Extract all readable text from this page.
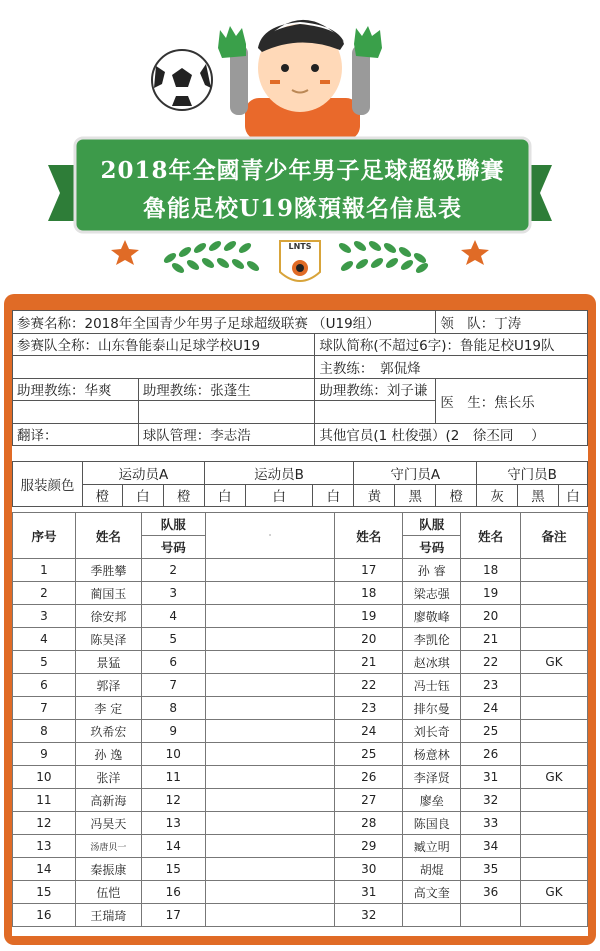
2018年全國青少年男子足球超級聯賽
魯能足校U19隊預報名信息表
LNTS
参赛名称：2018年全国青少年男子足球超级联赛 （U19组）			领　队：丁涛
参赛队全称：山东鲁能泰山足球学校U19		球队简称(不超过6字)：鲁能足校U19队	
		主教练：　郭侃烽	
助理教练：华爽	助理教练：张蓬生	助理教练：刘子谦	医　生：焦长乐

翻译：	球队管理：李志浩	其他官员(1 杜俊强）(2　徐丕同　 ）	
服装颜色	运动员A			运动员B			守门员A			守门员B		
	橙	白	橙	白	白	白	黄	黑	橙	灰	黑	白
序号	姓名	队服	·	姓名	队服	姓名	备注
		号码			号码		
1	季胜攀	2		17	孙 睿	18	
2	蔺国玉	3		18	梁志强	19	
3	徐安邦	4		19	廖敬峰	20	
4	陈昊泽	5		20	李凯伦	21	
5	景猛	6		21	赵冰琪	22	GK
6	郭泽	7		22	冯士钰	23	
7	李 定	8		23	排尔曼	24	
8	玖希宏	9		24	刘长奇	25	
9	孙 逸	10		25	杨意林	26	
10	张洋	11		26	李泽贤	31	GK
11	高新海	12		27	廖垒	32	
12	冯昊天	13		28	陈国良	33	
13	汤唐贝一	14		29	臧立明	34	
14	秦振康	15		30	胡焜	35	
15	伍恺	16		31	高文奎	36	GK
16	王瑞琦	17		32			
